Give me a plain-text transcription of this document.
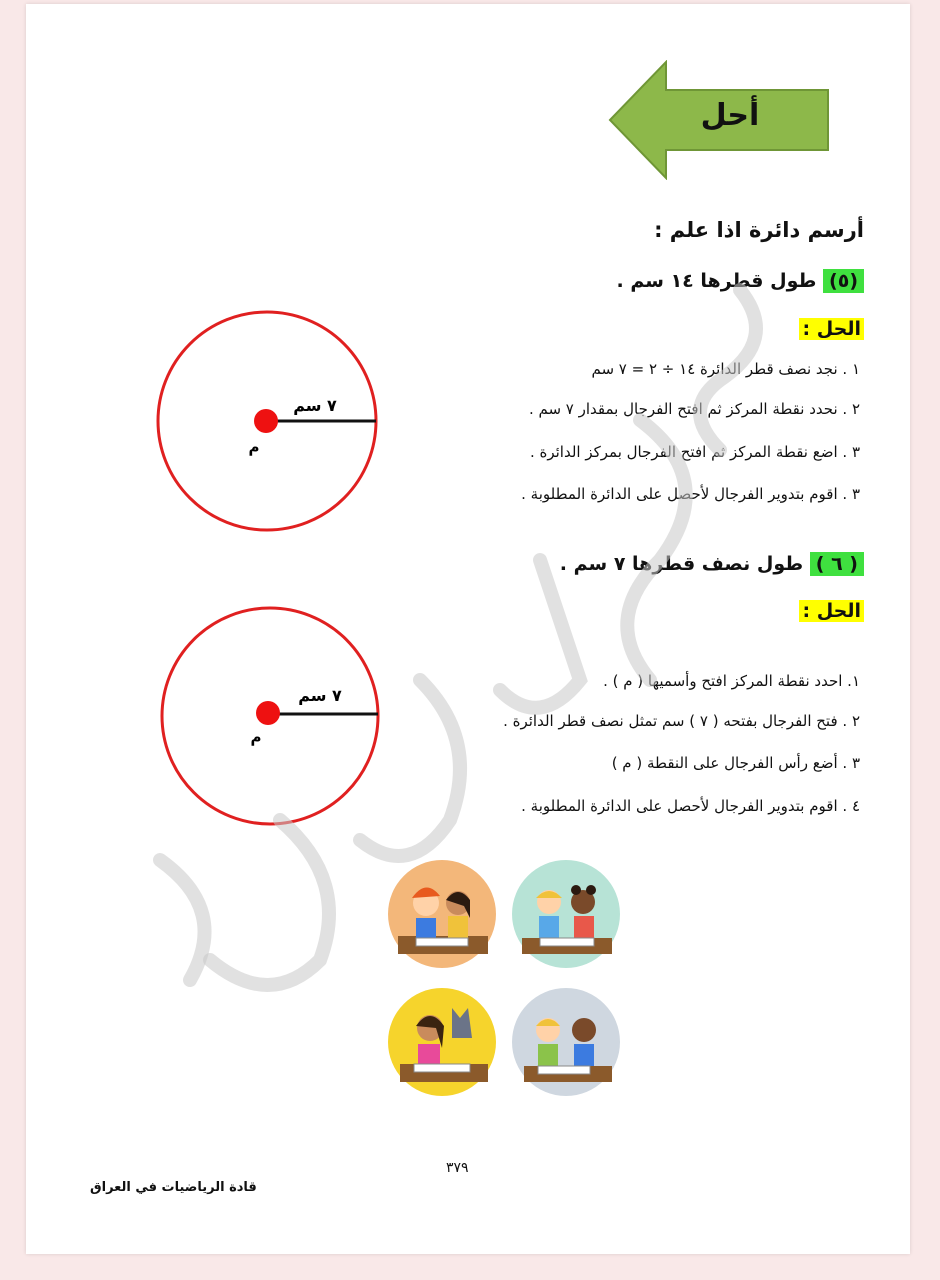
أحل
أرسم دائرة اذا علم :
(٥) طول قطرها ١٤ سم .
الحل :
١ . نجد نصف قطر الدائرة ١٤ ÷ ٢ = ٧ سم
٢ . نحدد نقطة المركز ثم افتح الفرجال بمقدار ٧ سم .
٣ . اضع نقطة المركز ثم افتح الفرجال بمركز الدائرة .
٣ . اقوم بتدوير الفرجال لأحصل على الدائرة المطلوبة .
٧ سم
م
( ٦ ) طول نصف قطرها ٧ سم .
الحل :
١. احدد نقطة المركز افتح وأسميها ( م ) .
٢ . فتح الفرجال بفتحه ( ٧ ) سم تمثل نصف قطر الدائرة .
٣ . أضع رأس الفرجال على النقطة ( م )
٤ . اقوم بتدوير الفرجال لأحصل على الدائرة المطلوبة .
٧ سم
م
٣٧٩
قادة الرياضيات في العراق
